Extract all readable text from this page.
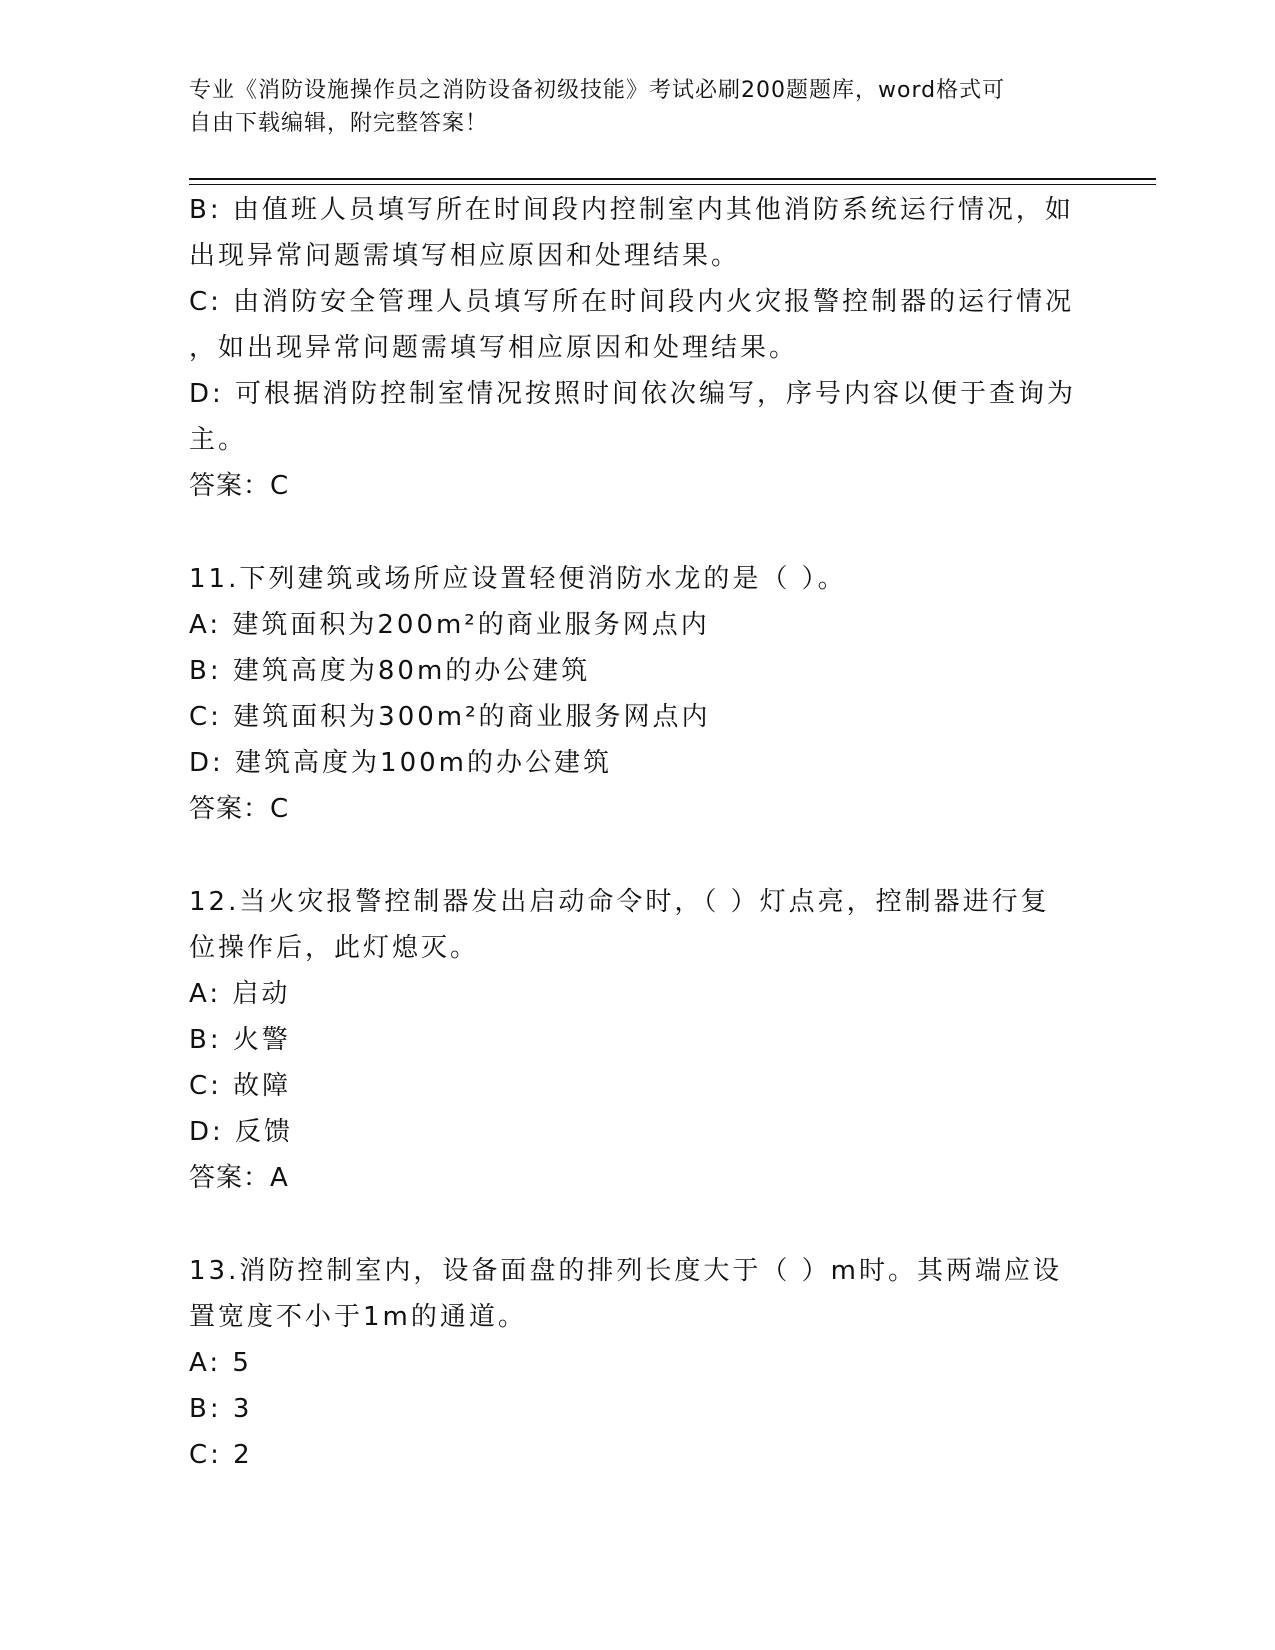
专业《消防设施操作员之消防设备初级技能》考试必刷200题题库，word格式可
自由下载编辑，附完整答案！
B: 由值班人员填写所在时间段内控制室内其他消防系统运行情况，如
出现异常问题需填写相应原因和处理结果。
C: 由消防安全管理人员填写所在时间段内火灾报警控制器的运行情况
，如出现异常问题需填写相应原因和处理结果。
D: 可根据消防控制室情况按照时间依次编写，序号内容以便于查询为
主。
答案：C
11.下列建筑或场所应设置轻便消防水龙的是（ ）。
A: 建筑面积为200m²的商业服务网点内
B: 建筑高度为80m的办公建筑
C: 建筑面积为300m²的商业服务网点内
D: 建筑高度为100m的办公建筑
答案：C
12.当火灾报警控制器发出启动命令时，（ ）灯点亮，控制器进行复
位操作后，此灯熄灭。
A: 启动
B: 火警
C: 故障
D: 反馈
答案：A
13.消防控制室内，设备面盘的排列长度大于（ ）m时。其两端应设
置宽度不小于1m的通道。
A: 5
B: 3
C: 2
